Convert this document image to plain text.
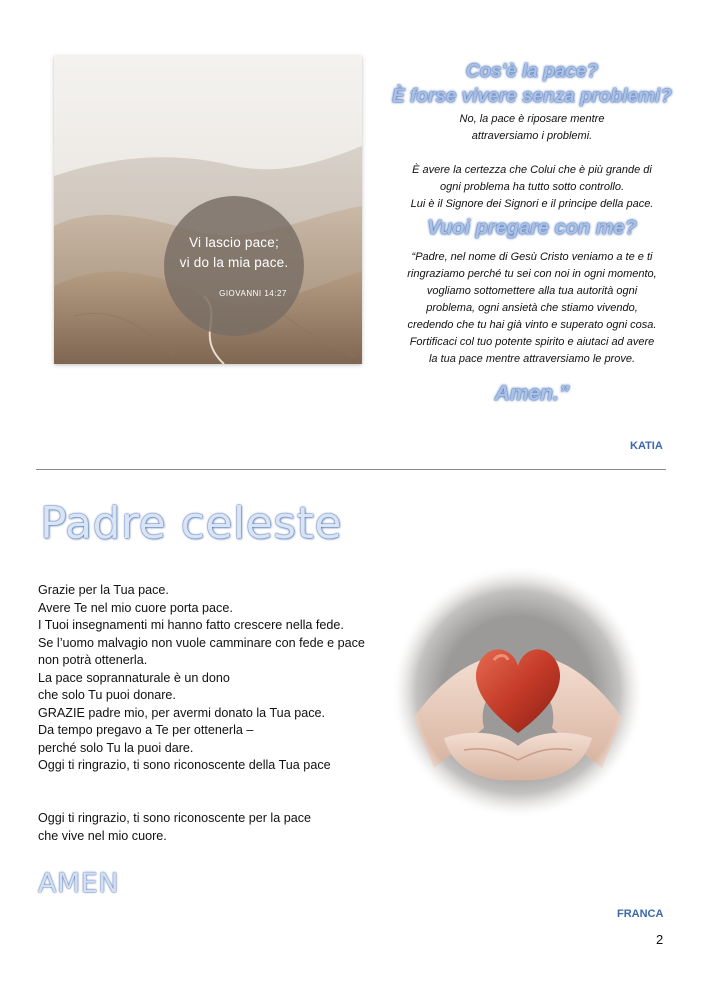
Vi lascio pace;
vi do la mia pace.
GIOVANNI 14:27
Cos'è la pace?
È forse vivere senza problemi?
No, la pace è riposare mentre
attraversiamo i problemi.
È avere la certezza che Colui che è più grande di
ogni problema ha tutto sotto controllo.
Lui è il Signore dei Signori e il principe della pace.
Vuoi pregare con me?
“Padre, nel nome di Gesù Cristo veniamo a te e ti
ringraziamo perché tu sei con noi in ogni momento,
vogliamo sottomettere alla tua autorità ogni
problema, ogni ansietà che stiamo vivendo,
credendo che tu hai già vinto e superato ogni cosa.
Fortificaci col tuo potente spirito e aiutaci ad avere
la tua pace mentre attraversiamo le prove.
Amen.”
KATIA
Padre celeste
Grazie per la Tua pace.
Avere Te nel mio cuore porta pace.
I Tuoi insegnamenti mi hanno fatto crescere nella fede.
Se l’uomo malvagio non vuole camminare con fede e pace
non potrà ottenerla.
La pace soprannaturale è un dono
che solo Tu puoi donare.
GRAZIE padre mio, per avermi donato la Tua pace.
Da tempo pregavo a Te per ottenerla –
perché solo Tu la puoi dare.
Oggi ti ringrazio, ti sono riconoscente della Tua pace
Oggi ti ringrazio, ti sono riconoscente per la pace
che vive nel mio cuore.
AMEN
FRANCA
2
